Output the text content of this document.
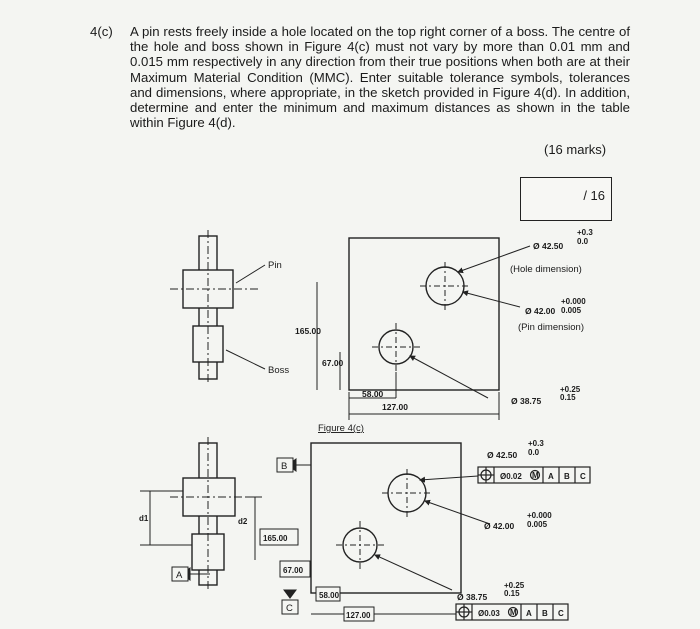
4(c) A pin rests freely inside a hole located on the top right corner of a boss. The centre of the hole and boss shown in Figure 4(c) must not vary by more than 0.01 mm and 0.015 mm respectively in any direction from their true positions when both are at their Maximum Material Condition (MMC). Enter suitable tolerance symbols, tolerances and dimensions, where appropriate, in the sketch provided in Figure 4(d). In addition, determine and enter the minimum and maximum distances as shown in the table within Figure 4(d).
(16 marks)
/ 16
Pin
Boss
165.00
67.00
58.00
127.00
Figure 4(c)
+0.3
Ø 42.50 0.0
(Hole dimension)
+0.000
Ø 42.00 0.005
(Pin dimension)
+0.25
Ø 38.75 0.15
B
A
C
d1	d2
165.00
67.00
58.00
127.00
+0.3
Ø 42.50 0.0
Ø0.02 M A B C
+0.000
Ø 42.00 0.005
+0.25
Ø 38.75 0.15
Ø0.03 M A B C
